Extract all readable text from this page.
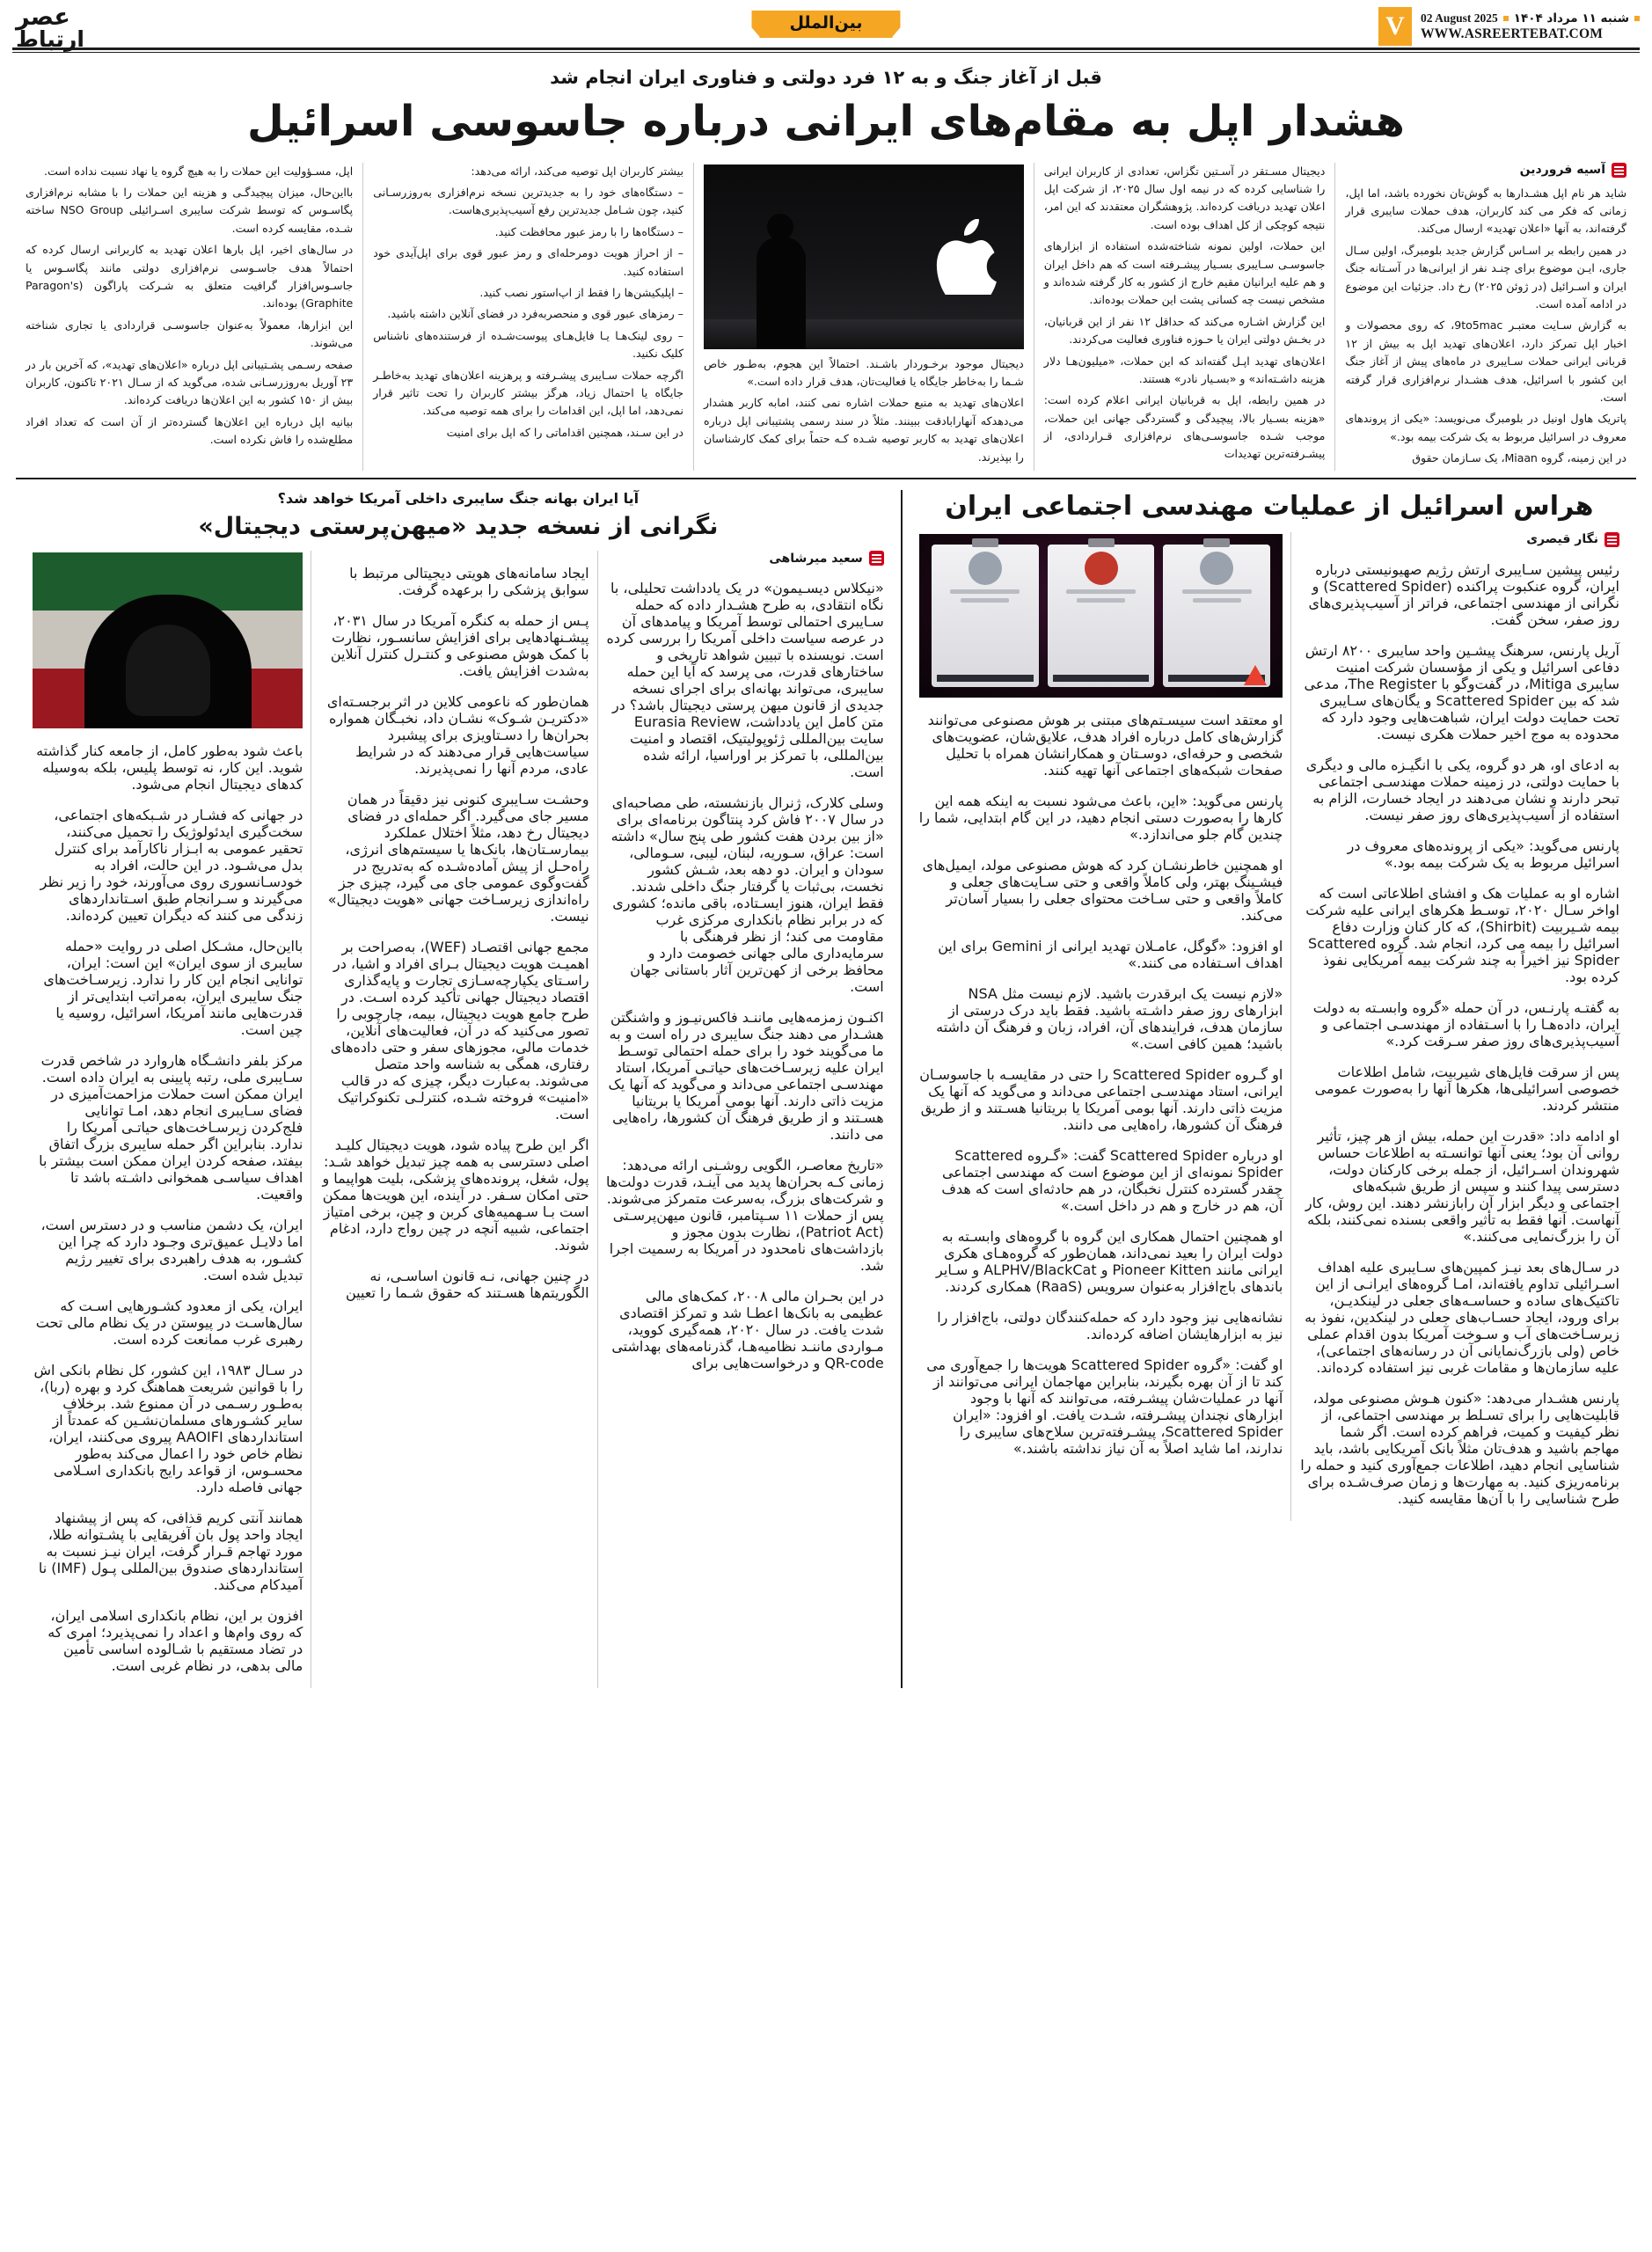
V	شنبه ۱۱ مرداد ۱۴۰۴
02 August 2025
WWW.ASREERTEBAT.COM
بین‌الملل
عصر
ارتباط
قبل از آغاز جنگ و به ۱۲ فرد دولتی و فناوری ایران انجام شد
هشدار اپل به مقام‌های ایرانی درباره جاسوسی اسرائیل
آسیه فروردین

شاید هر نام اپل هشـدارها به گوش‌تان نخورده باشد، اما اپل، زمانی که فکر می کند کاربران، هدف حملات سایبری قرار گرفته‌اند، به آنها «اعلان تهدید» ارسال می‌کند.

در همین رابطه بر اسـاس گزارش جدید بلومبرگ، اولین سـال جاری، ایـن موضوع برای چنـد نفر از ایرانی‌ها در آسـتانه جنگ ایران و اسـرائیل (در ژوئن ۲۰۲۵) رخ داد. جزئیات این موضوع در ادامه آمده است.

به گزارش سـایت معتبـر 9to5mac، که روی محصولات و اخبار اپل تمرکز دارد، اعلان‌های تهدید اپل به بیش از ۱۲ قربانی ایرانی حملات سـایبری در ماه‌های پیش از آغاز جنگ این کشور با اسرائیل، هدف هشـدار نرم‌افزاری قرار گرفته است.

پاتریک هاول اونیل در بلومبرگ می‌نویسد: «یکی از پروندهای معروف در اسرائیل مربوط به یک شرکت بیمه بود.»

در این زمینه، گروه Miaan، یک سـازمان حقوق

دیجیتال مسـتقر در آسـتین تگزاس، تعدادی از کاربران ایرانی را شناسایی کرده که در نیمه اول سال ۲۰۲۵، از شرکت اپل اعلان تهدید دریافت کرده‌اند. پژوهشگران معتقدند که این امر، نتیجه کوچکی از کل اهداف بوده است.

این حملات، اولین نمونه شناخته‌شده استفاده از ابزارهای جاسوسـی سـایبری بسـیار پیشـرفته است که هم داخل ایران و هم علیه ایرانیان مقیم خارج از کشور به کار گرفته شده‌اند و مشخص نیست چه کسانی پشت این حملات بوده‌اند.

این گزارش اشـاره می‌کند که حداقل ۱۲ نفر از این قربانیان، در بخـش دولتی ایران یا حـوزه فناوری فعالیت می‌کردند.

اعلان‌های تهدید اپـل گفته‌اند که این حملات، «میلیون‌هـا دلار هزینه داشـته‌اند» و «بسـیار نادر» هستند.

در همین رابطه، اپل به قربانیان ایرانی اعلام کرده است: «هزینه بسـیار بالا، پیچیدگی و گستردگی جهانی این حملات، موجب شـده جاسوسـی‌های نرم‌افزاری قـراردادی، از پیشـرفته‌ترین تهدیدات

دیجیتال موجود برخـوردار باشـند. احتمالاً این هجوم، به‌طـور خاص شـما را به‌خاطر جایگاه یا فعالیت‌تان، هدف قرار داده است.»

اعلان‌های تهدید به منبع حملات اشاره نمی کنند، امابه کاربر هشدار می‌دهدکه آنهارابادقت ببینند. مثلاً در سند رسمی پشتیبانی اپل درباره اعلان‌های تهدید به کاربر توصیه شـده کـه حتماً برای کمک کارشناسان را بپذیرند.

بیشتر کاربران اپل توصیه می‌کند، ارائه می‌دهد:

– دستگاه‌های خود را به جدیدترین نسخه نرم‌افزاری به‌روزرسـانی کنید، چون شـامل جدیدترین رفع آسیب‌پذیری‌هاست.

– دستگاه‌ها را با رمز عبور محافظت کنید.

– از احراز هویت دومرحله‌ای و رمز عبور قوی برای اپل‌آیدی خود استفاده کنید.

– اپلیکیشن‌ها را فقط از اپ‌استور نصب کنید.

– رمزهای عبور قوی و منحصربه‌فرد در فضای آنلاین داشته باشید.

– روی لینک‌هـا یـا فایل‌هـای پیوست‌شـده از فرستنده‌های ناشناس کلیک نکنید.

اگرچه حملات سـایبری پیشـرفته و پرهزینه اعلان‌های تهدید به‌خاطـر جایگاه یا احتمال زیاد، هرگز بیشتر کاربران را تحت تاثیر قرار نمی‌دهد، اما اپل، این اقدامات را برای همه توصیه می‌کند.

در این سـند، همچنین اقداماتی را که اپل برای امنیت

اپل، مسـؤولیت این حملات را به هیچ گروه یا نهاد نسبت نداده است.

بااین‌حال، میزان پیچیدگـی و هزینه این حملات را با مشابه نرم‌افزاری پگاسـوس که توسط شرکت سایبری اسـرائیلی NSO Group ساخته شـده، مقایسه کرده است.

در سال‌های اخیر، اپل بارها اعلان تهدید به کاربرانی ارسال کرده که احتمالاً هدف جاسـوسی نرم‌افزاری دولتی مانند پگاسـوس یا جاسـوس‌افزار گرافیت متعلق به شـرکت پاراگون (Paragon's Graphite) بوده‌اند.

این ابزارها، معمولاً به‌عنوان جاسوسـی قراردادی یا تجاری شناخته می‌شوند.

صفحه رسـمی پشـتیبانی اپل درباره «اعلان‌های تهدید»، که آخرین بار در ۲۳ آوریل به‌روزرسـانی شده، می‌گوید که از سـال ۲۰۲۱ تاکنون، کاربران بیش از ۱۵۰ کشور به این اعلان‌ها دریافت کرده‌اند.

بیانیه اپل درباره این اعلان‌ها گسترده‌تر از آن است که تعداد افراد مطلع‌شده را فاش نکرده است.

هراس اسرائیل از عملیات مهندسی اجتماعی ایران
نگار قیصری

رئیس پیشین سـایبری ارتش رژیم صهیونیستی درباره ایران، گروه عنکبوت پراکنده (Scattered Spider) و نگرانی‌ از مهندسی اجتماعی، فراتر از آسیب‌پذیری‌های روز صفر، سخن گفت.

آریل پارنس، سرهنگ پیشـین واحد سایبری ۸۲۰۰ ارتش دفاعی اسرائیل و یکی از مؤسسان شرکت امنیت سایبری Mitiga، در گفت‌وگو با The Register، مدعی شد که بین Scattered Spider و یگان‌های سـایبری تحت حمایت دولت ایران، شباهت‌هایی وجود دارد که محدوده به موج اخیر حملات هکری نیست.

به ادعای او، هر دو گروه، یکی با انگیـزه مالی و دیگری با حمایت دولتی، در زمینه حملات مهندسـی اجتماعی تبحر دارند و نشان می‌دهند در ایجاد خسارت، الزام به استفاده از آسیب‌پذیری‌های روز صفر نیست.

پارنس می‌گوید: «یکی از پرونده‌های معروف در اسرائیل مربوط به یک شرکت بیمه بود.»

اشاره او به عملیات هک و افشای اطلاعاتی است که اواخر سـال ۲۰۲۰، توسـط هکرهای ایرانی علیه شرکت بیمه شـیربیت (Shirbit)، که کار کنان وزارت دفاع اسرائیل را بیمه می کرد، انجام شد. گروه Scattered Spider نیز اخیراً به چند شرکت بیمه آمریکایی نفوذ کرده بود.

به گفتـه پارنـس، در آن حمله «گروه وابسـته به دولت ایران، داده‌هـا را با اسـتفاده از مهندسـی اجتماعی و آسیب‌پذیری‌های روز صفر سـرقت کرد.»

پس از سرقت فایل‌های شیربیت، شامل اطلاعات خصوصی اسرائیلی‌ها، هکرها آنها را به‌صورت عمومی منتشر کردند.

او ادامه داد: «قدرت این حمله، بیش از هر چیز، تأثیر روانی آن بود؛ یعنی آنها توانسـته به اطلاعات حساس شهروندان اسـرائیل، از جمله برخی کارکنان دولت، دسترسی پیدا کنند و سپس از طریق شبکه‌های اجتماعی و دیگر ابزار آن رابازنشر دهند. این روش، کار آنهاست. آنها فقط به تأثیر واقعی بسنده نمی‌کنند، بلکه آن را بزرگ‌نمایی می‌کنند.»

در سـال‌های بعد نیـز کمپین‌های سـایبری علیه اهداف اسـرائیلی تداوم یافته‌اند، امـا گروه‌های ایرانـی از این تاکتیک‌های ساده و حساسـه‌های جعلی در لینکدیـن، برای ورود، ایجاد حسـاب‌های جعلی در لینکدین، نفوذ به زیرسـاخت‌های آب و سـوخت آمریکا بدون اقدام عملی خاص (ولی بازرگ‌نمایانی آن در رسانه‌های اجتماعی)، علیه سازمان‌ها و مقامات غربی نیز استفاده کرده‌اند.

پارنس هشـدار می‌دهد: «کنون هـوش مصنوعی مولد، قابلیت‌هایی را برای تسـلط بر مهندسی اجتماعی، از نظر کیفیت و کمیت، فراهم کرده است. اگر شما مهاجم باشید و هدف‌تان مثلاً بانک آمریکایی باشد، باید شناسایی انجام دهید، اطلاعات جمع‌آوری کنید و حمله را برنامه‌ریزی کنید. به مهارت‌ها و زمان صرف‌شـده برای طرح شناسایی را با آن‌ها مقایسه کنید.

او معتقد است سیسـتم‌های مبتنی بر هوش مصنوعی می‌توانند گزارش‌های کامل درباره افراد هدف، علایق‌شان، عضویت‌های شخصی و حرفه‌ای، دوسـتان و همکارانشان همراه با تحلیل صفحات شبکه‌های اجتماعی آنها تهیه کنند.

پارنس می‌گوید: «این، باعث می‌شود نسبت به اینکه همه این کارها را به‌صورت دستی انجام دهید، در این گام ابتدایی، شما را چندین گام جلو می‌اندازد.»

او همچنین خاطرنشـان کرد که هوش مصنوعی مولد، ایمیل‌های فیشـینگ بهتر، ولی کاملاً واقعی و حتی سـایت‌های جعلی و کاملاً واقعی و حتی سـاخت محتوای جعلی را بسیار آسان‌تر می‌کند.

او افزود: «گوگل، عامـلان تهدید ایرانی از Gemini برای این اهداف اسـتفاده می کنند.»

«لازم نیست یک ابرقدرت باشید. لازم نیست مثل NSA ابزارهای روز صفر داشـته باشید. فقط باید درک درستی از سازمان هدف، فرایندهای آن، افراد، زبان و فرهنگ آن داشته باشید؛ همین کافی است.»

او گـروه Scattered Spider را حتی در مقایسـه با جاسوسـان ایرانی، استاد مهندسـی اجتماعی می‌داند و می‌گوید که آنها یک مزیت ذاتی دارند. آنها بومی آمریکا یا بریتانیا هسـتند و از طریق فرهنگ آن کشورها، راه‌هایی می دانند.

او درباره Scattered Spider گفت: «گـروه Scattered Spider نمونه‌ای از این موضوع است که مهندسی اجتماعی چقدر گسترده کنترل نخبگان، در هم حادثه‌ای است که هدف آن، هم در خارج و هم در داخل است.»

او همچنین احتمال همکاری این گروه با گروه‌های وابسـته به دولت ایران را بعید نمی‌داند، همان‌طور که گروه‌هـای هکری ایرانی مانند Pioneer Kitten و ALPHV/BlackCat و سـایر باندهای باج‌افزار به‌عنوان سرویس (RaaS) همکاری کردند.

نشانه‌هایی نیز وجود دارد که حمله‌کنندگان دولتی، باج‌افزار را نیز به ابزارهایشان اضافه کرده‌اند.

او گفت: «گروه Scattered Spider هویت‌ها را جمع‌آوری می کند تا از آن بهره بگیرند، بنابراین مهاجمان ایرانی می‌توانند از آنها در عملیات‌شان پیشـرفته، می‌توانند که آنها با وجود ابزارهای نچندان پیشـرفته، شـدت یافت. او افزود: «ایران Scattered Spider، پیشـرفته‌ترین سلاح‌های سایبری را ندارند، اما شاید اصلاً به آن نیاز نداشته باشند.»

آیا ایران بهانه جنگ سایبری داخلی آمریکا خواهد شد؟
نگرانی از نسخه جدید «میهن‌پرستی دیجیتال»
سعید میرشاهی

«نیکلاس دیسـیمون» در یک یادداشت تحلیلی، با نگاه انتقادی، به طرح هشـدار داده که حمله سـایبری احتمالی توسط آمریکا و پیامدهای آن در عرصه سیاست داخلی آمریکا را بررسی کرده است. نویسنده با تبیین شواهد تاریخی و ساختارهای قدرت، می پرسد که آیا این حمله سایبری، می‌تواند بهانه‌ای برای اجرای نسخه جدیدی از قانون میهن پرستی دیجیتال باشد؟ در متن کامل این یادداشت، Eurasia Review سایت بین‌المللی ژئوپولیتیک، اقتصاد و امنیت بین‌المللی، با تمرکز بر اوراسیا، ارائه شده است.

وسلی کلارک، ژنرال بازنشسته، طی مصاحبه‌ای در سال ۲۰۰۷ فاش کرد پنتاگون برنامه‌ای برای «از بین بردن هفت کشور طی پنج سال» داشته است: عراق، سـوریه، لبنان، لیبی، سـومالی، سودان و ایران. دو دهه بعد، شـش کشور نخست، بی‌ثبات یا گرفتار جنگ داخلی شدند. فقط ایران، هنوز ایسـتاده، باقی مانده؛ کشوری که در برابر نظام بانکداری مرکزی غرب مقاومت می کند؛ از نظر فرهنگی با سرمایه‌داری مالی جهانی خصومت دارد و محافظ برخی از کهن‌ترین آثار باستانی جهان است.

اکنـون زمزمه‌هایی ماننـد فاکس‌نیـوز و واشنگتن هشـدار می دهند جنگ سایبری در راه است و به ما می‌گویند خود را برای حمله احتمالی توسـط ایران علیه زیرسـاخت‌های حیاتـی آمریکا، استاد مهندسـی اجتماعی می‌داند و می‌گوید که آنها یک مزیت ذاتی دارند. آنها بومی آمریکا یا بریتانیا هسـتند و از طریق فرهنگ آن کشورها، راه‌هایی می دانند.

«تاریخ معاصـر، الگویی روشـنی ارائه می‌دهد: زمانی کـه بحران‌ها پدید می آینـد، قدرت دولت‌ها و شرکت‌های بزرگ، به‌سرعت متمرکز می‌شوند. پس از حملات ۱۱ سـپتامبر، قانون میهن‌پرسـتی (Patriot Act)، نظارت بدون مجوز و بازداشت‌های نامحدود در آمریکا به رسمیت اجرا شد.

در این بحـران مالی ۲۰۰۸، کمک‌های مالی عظیمی به بانک‌ها اعطـا شد و تمرکز اقتصادی شدت یافت. در سال ۲۰۲۰، همه‌گیری کووید، مـواردی ماننـد نظامیه‌هـا، گذرنامه‌های بهداشتی QR-code و درخواست‌هایی برای

ایجاد سامانه‌های هویتی دیجیتالی مرتبط با سوابق پزشکی را برعهده گرفت.

پـس از حمله به کنگره آمریکا در سال ۲۰۳۱، پیشـنهادهایی برای افزایش سانسـور، نظارت با کمک هوش مصنوعی و کنتـرل کنترل آنلاین به‌شدت افزایش یافت.

همان‌طور که ناعومی کلاین در اثر برجسـته‌ای «دکتریـن شـوک» نشـان داد، نخبـگان همواره بحران‌ها را دسـتاویزی برای پیشبرد سیاست‌هایی قرار می‌دهند که در شرایط عادی، مردم آنها را نمی‌پذیرند.

وحشـت سـایبری کنونی نیز دقیقاً در همان مسیر جای می‌گیرد. اگر حمله‌ای در فضای دیجیتال رخ دهد، مثلاً اختلال عملکرد بیمارسـتان‌ها، بانک‌ها یا سیستم‌های انرژی، راه‌حـل از پیش آماده‌شـده که به‌تدریج در گفت‌وگوی عمومی جای می گیرد، چیزی جز راه‌اندازی زیرسـاخت جهانی «هویت دیجیتال» نیست.

مجمع جهانی اقتصـاد (WEF)، به‌صراحت بر اهمیـت هویت دیجیتال بـرای افراد و اشیا، در راسـتای یکپارچه‌سـازی تجارت و پایه‌گذاری اقتصاد دیجیتال جهانی تأکید کرده اسـت. در طرح جامع هویت دیجیتال، بیمه، چارچوبی را تصور می‌کنید که در آن، فعالیت‌های آنلاین، خدمات مالی، مجوزهای سفر و حتی داده‌های رفتاری، همگی به شناسه واحد متصل می‌شوند. به‌عبارت دیگر، چیزی که در قالب «امنیت» فروخته شـده، کنترلـی تکنوکراتیک است.

اگر این طرح پیاده شود، هویت دیجیتال کلیـد اصلی دسترسی به همه چیز تبدیل خواهد شـد: پول، شغل، پرونده‌های پزشکی، بلیت هواپیما و حتی امکان سـفر. در آینده، این هویت‌ها ممکن است بـا سـهمیه‌های کربن و چین، برخی امتیاز اجتماعی، شبیه آنچه در چین رواج دارد، ادغام شوند.

در چنین جهانی، نـه قانون اساسـی، نه الگوریتم‌ها هسـتند که حقوق شـما را تعیین

باعث شود به‌طور کامل، از جامعه کنار گذاشته شوید. این کار، نه توسط پلیس، بلکه به‌وسیله کدهای دیجیتال انجام می‌شود.

در جهانی که فشـار در شـبکه‌های اجتماعی، سخت‌گیری ایدئولوژیک را تحمیل می‌کنند، تحقیر عمومی به ابـزار ناکارآمد برای کنترل بدل می‌شـود. در این حالت، افراد به خودسـانسوری روی می‌آورند، خود را زیر نظر می‌گیرند و سـرانجام طبق اسـتانداردهای زندگی می کنند که دیگران تعیین کرده‌اند.

بااین‌حال، مشـکل اصلی در روایت «حمله سایبری از سوی ایران» این است: ایران، توانایی انجام این کار را ندارد. زیرسـاخت‌های جنگ سایبری ایران، به‌مراتب ابتدایی‌تر از قدرت‌هایی مانند آمریکا، اسرائیل، روسیه یا چین است.

مرکز بلفر دانشـگاه هاروارد در شاخص قدرت سـایبری ملی، رتبه پایینی به ایران داده است. ایران ممکن است حملات مزاحمت‌آمیزی در فضای سـایبری انجام دهد، امـا توانایی فلج‌کردن زیرسـاخت‌های حیاتـی آمریکا را ندارد. بنابراین اگر حمله سایبری بزرگ اتفاق بیفتد، صفحه کردن ایران ممکن است بیشتر با اهداف سیاسـی همخوانی داشـته باشد تا واقعیت.

ایران، یک دشمن مناسب و در دسترس است، اما دلایـل عمیق‌تری وجـود دارد که چرا این کشـور، به هدف راهبردی برای تغییر رژیم تبدیل شده است.

ایران، یکی از معدود کشـورهایی اسـت که سال‌هاسـت در پیوستن در یک نظام مالی تحت رهبری غرب ممانعت کرده است.

در سـال ۱۹۸۳، این کشور، کل نظام بانکی اش را با قوانین شریعت هماهنگ کرد و بهره (ربا)، به‌طـور رسـمی در آن ممنوع شد. برخلاف سایر کشـورهای مسلمان‌نشـین که عمدتاً از استانداردهای AAOIFI پیروی می‌کنند، ایران، نظام خاص خود را اعمال می‌کند به‌طور محسـوس، از قواعد رایج بانکداری اسـلامی جهانی فاصله دارد.

همانند آنتی‌ کریم قذافی، که پس از پیشنهاد ایجاد واحد پول بان آفریقایی با پشـتوانه طلا، مورد تهاجم قـرار گرفت، ایران نیـز نسبت به استانداردهای صندوق بین‌المللی پـول (IMF) نا آمیدکام می‌کند.

افزون بر این، نظام بانکداری اسلامی ایران، که روی وام‌ها و اعداد را نمی‌پذیرد؛ امری که در تضاد مستقیم با شـالوده اساسی تأمین مالی بدهی، در نظام غربی است.
